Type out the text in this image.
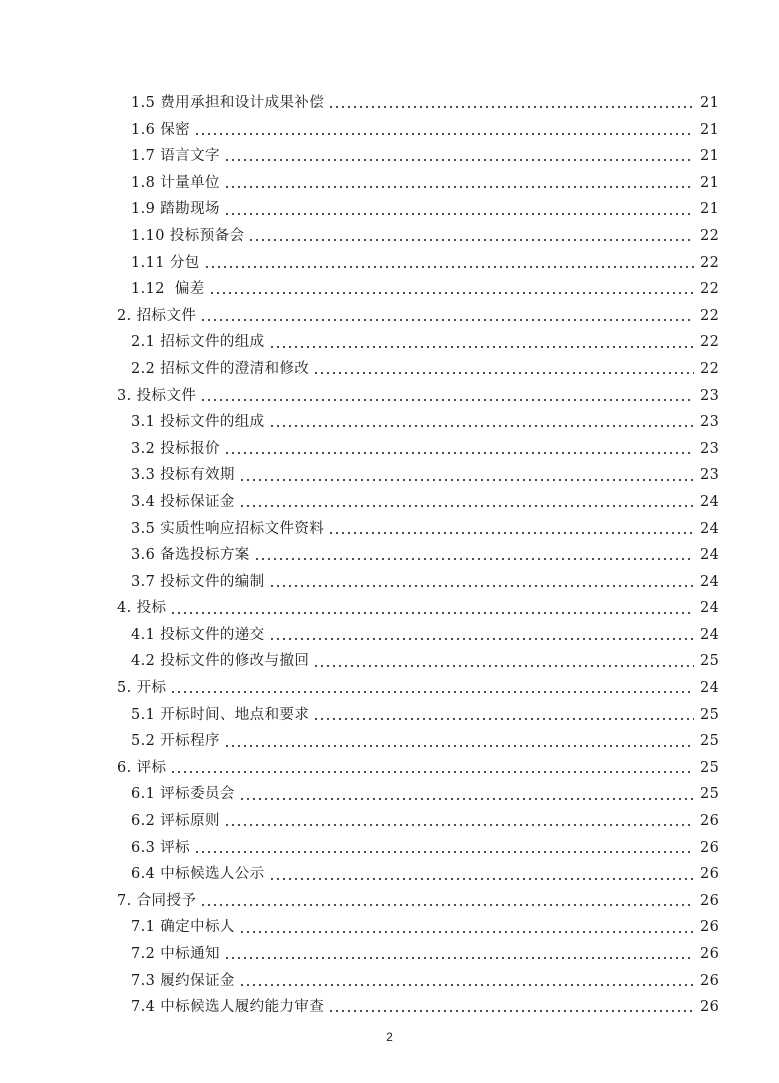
1.5 费用承担和设计成果补偿	21
1.6 保密	21
1.7 语言文字	21
1.8 计量单位	21
1.9 踏勘现场	21
1.10 投标预备会	22
1.11 分包	22
1.12  偏差	22
2. 招标文件	22
2.1 招标文件的组成	22
2.2 招标文件的澄清和修改	22
3. 投标文件	23
3.1 投标文件的组成	23
3.2 投标报价	23
3.3 投标有效期	23
3.4 投标保证金	24
3.5 实质性响应招标文件资料	24
3.6 备选投标方案	24
3.7 投标文件的编制	24
4. 投标	24
4.1 投标文件的递交	24
4.2 投标文件的修改与撤回	25
5. 开标	24
5.1 开标时间、地点和要求	25
5.2 开标程序	25
6. 评标	25
6.1 评标委员会	25
6.2 评标原则	26
6.3 评标	26
6.4 中标候选人公示	26
7. 合同授予	26
7.1 确定中标人	26
7.2 中标通知	26
7.3 履约保证金	26
7.4 中标候选人履约能力审查	26
2
